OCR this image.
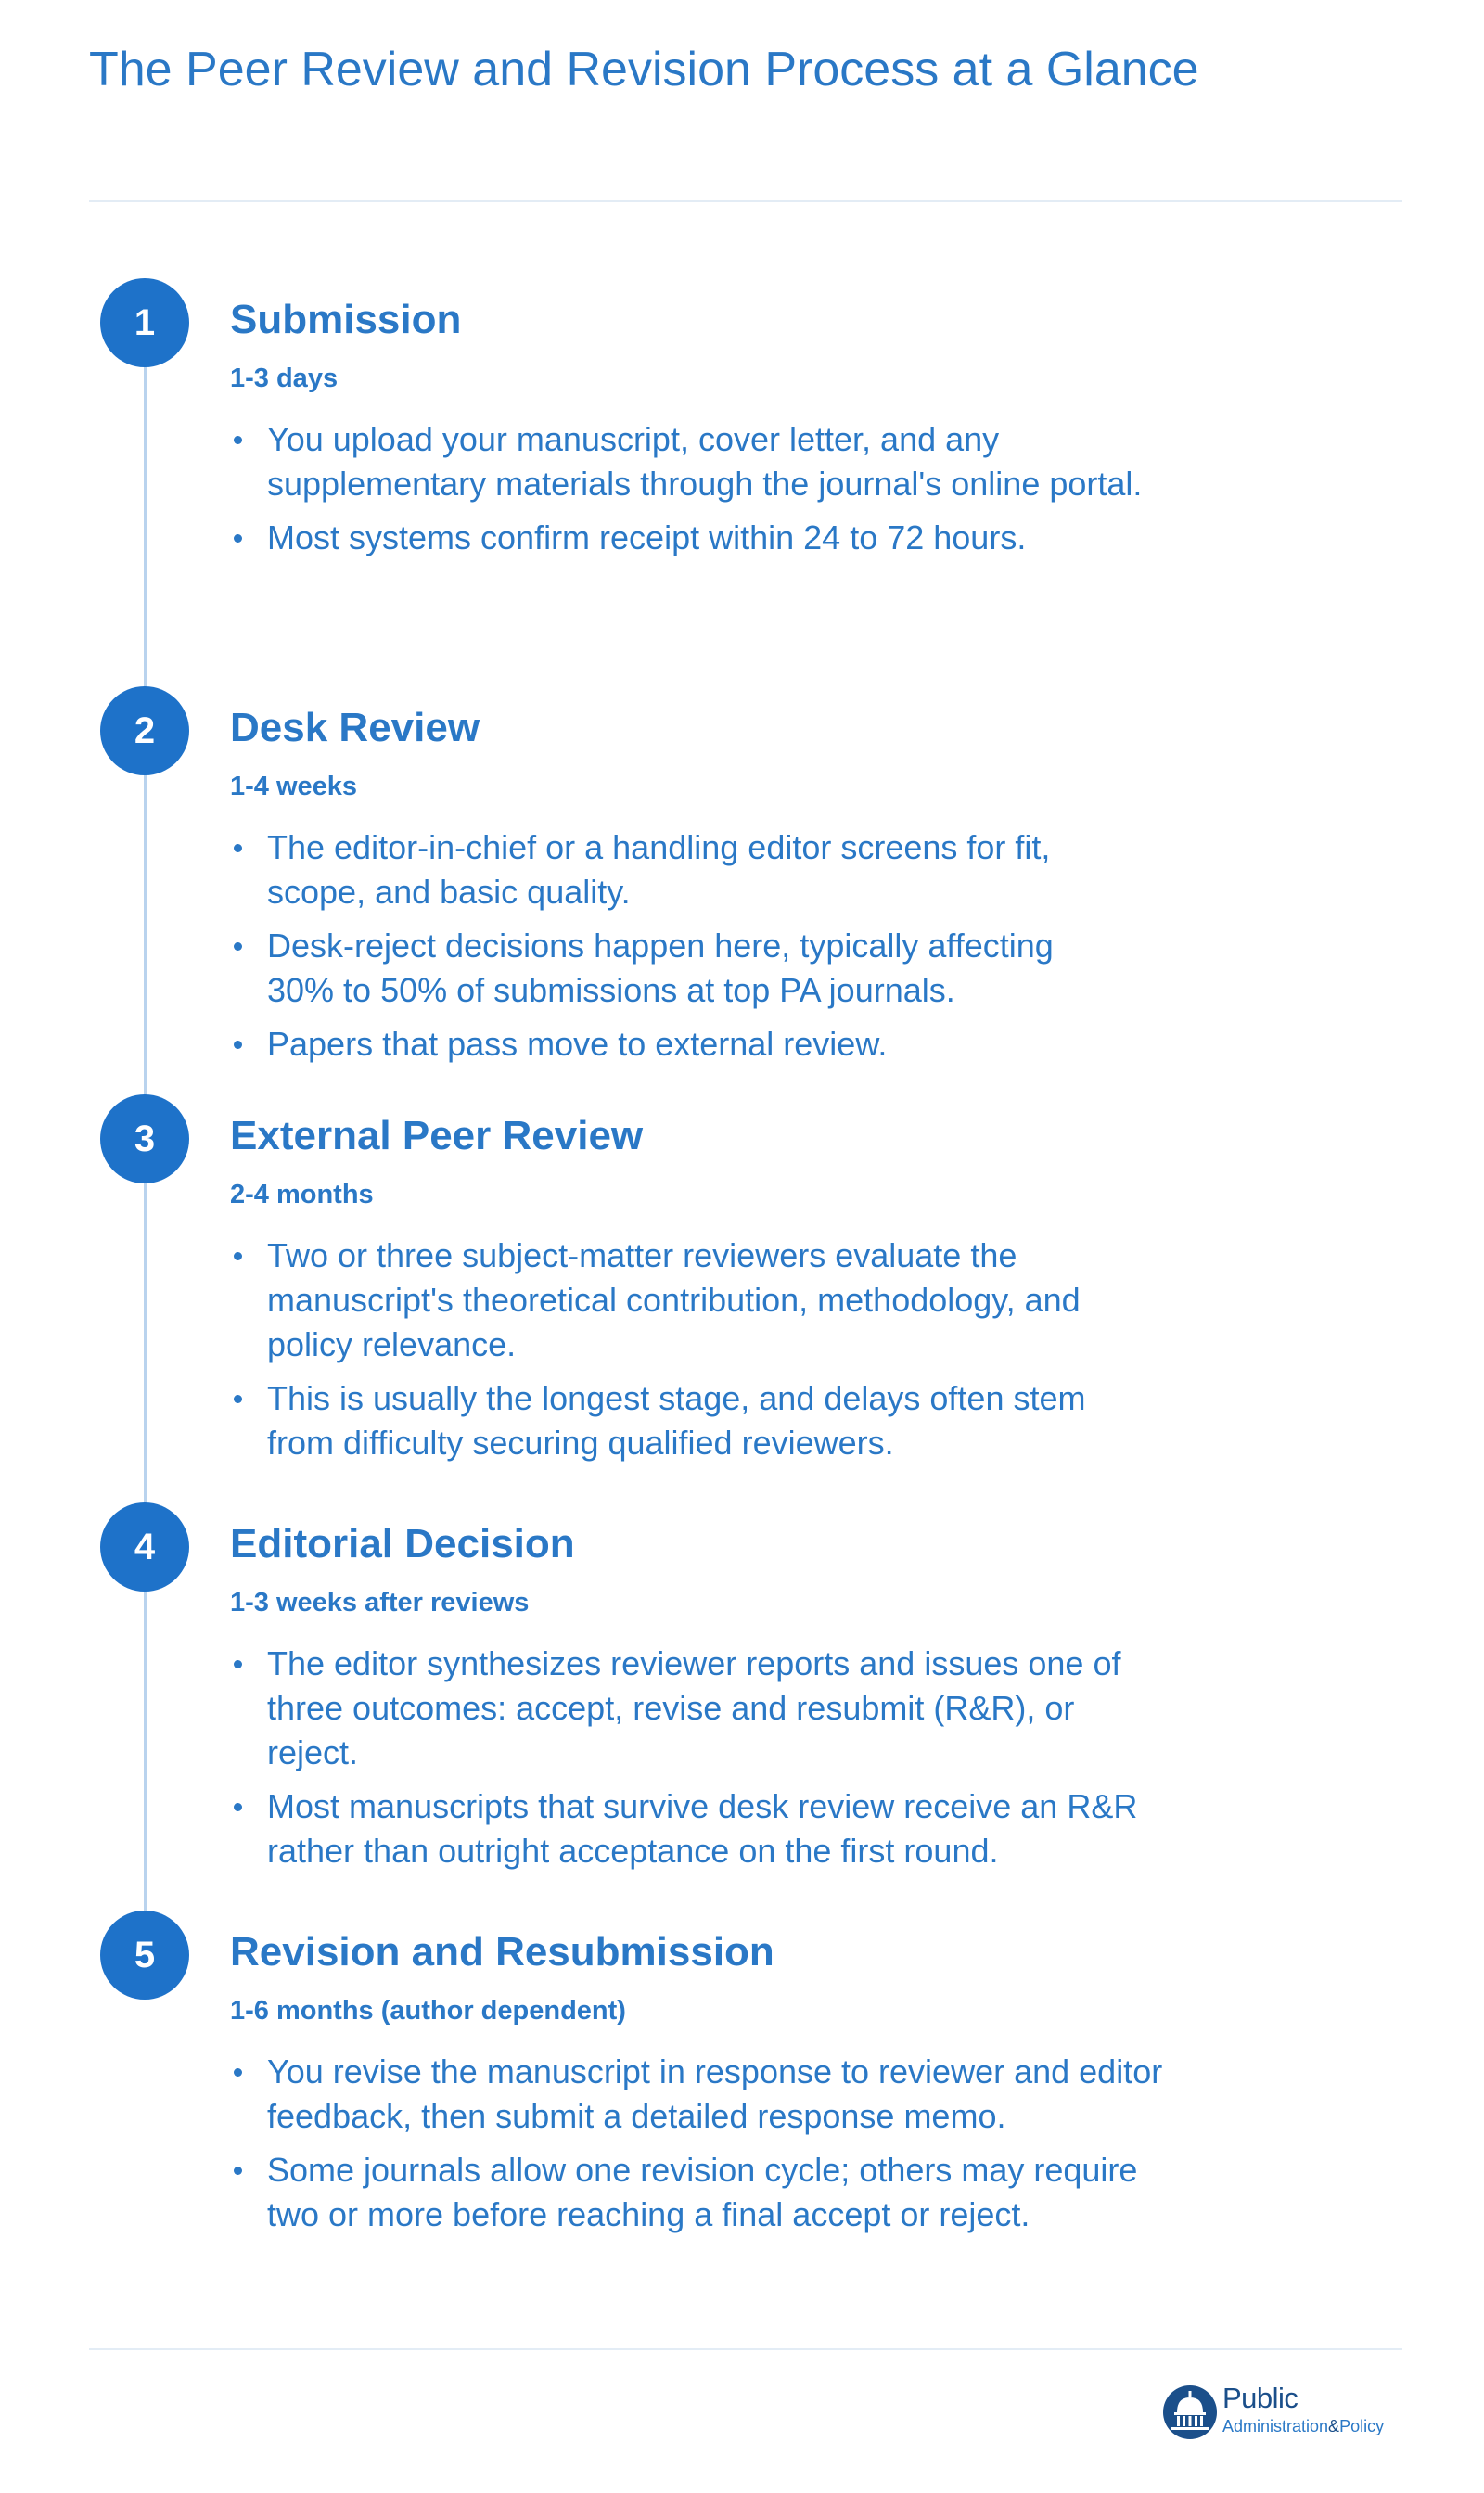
The Peer Review and Revision Process at a Glance
1	Submission
1-3 days
You upload your manuscript, cover letter, and any supplementary materials through the journal's online portal.
Most systems confirm receipt within 24 to 72 hours.
2	Desk Review
1-4 weeks
The editor-in-chief or a handling editor screens for fit, scope, and basic quality.
Desk-reject decisions happen here, typically affecting 30% to 50% of submissions at top PA journals.
Papers that pass move to external review.
3	External Peer Review
2-4 months
Two or three subject-matter reviewers evaluate the manuscript's theoretical contribution, methodology, and policy relevance.
This is usually the longest stage, and delays often stem from difficulty securing qualified reviewers.
4	Editorial Decision
1-3 weeks after reviews
The editor synthesizes reviewer reports and issues one of three outcomes: accept, revise and resubmit (R&R), or reject.
Most manuscripts that survive desk review receive an R&R rather than outright acceptance on the first round.
5	Revision and Resubmission
1-6 months (author dependent)
You revise the manuscript in response to reviewer and editor feedback, then submit a detailed response memo.
Some journals allow one revision cycle; others may require two or more before reaching a final accept or reject.
Public
Administration&Policy
